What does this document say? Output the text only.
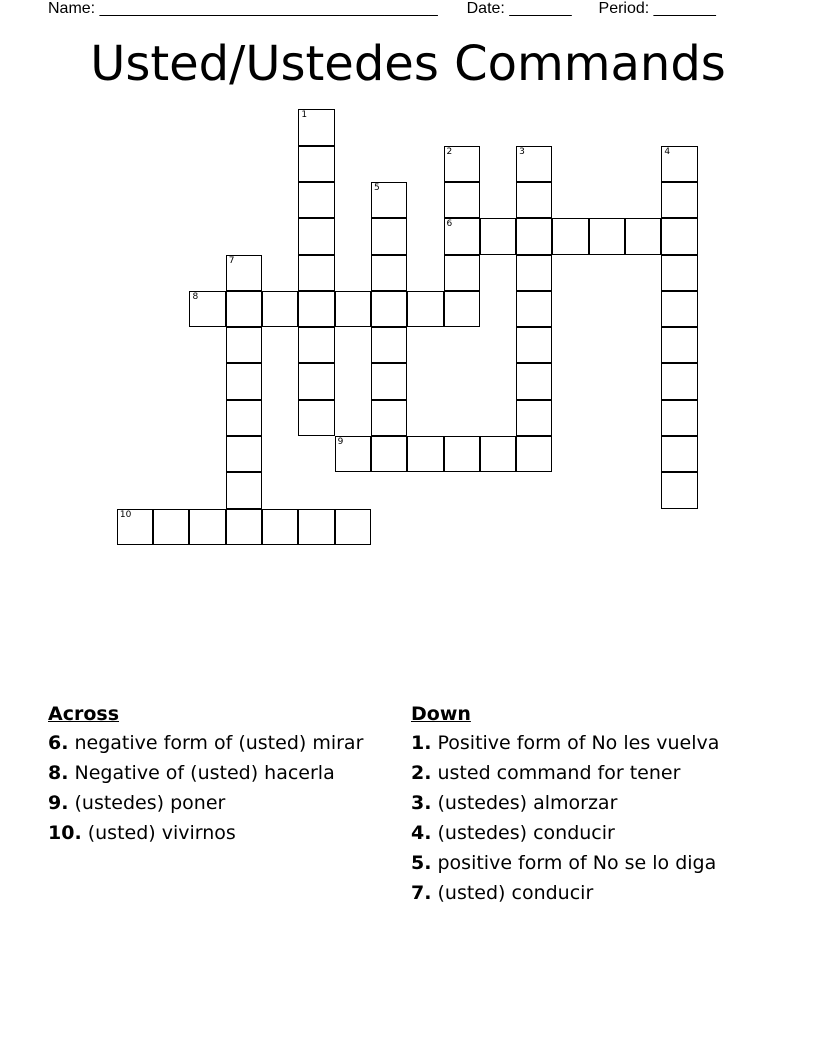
Name: ______________________________________ Date: _______ Period: _______
Usted/Ustedes Commands
1
2
6
3	4
5
7
8
9
10
Across
6. negative form of (usted) mirar
8. Negative of (usted) hacerla
9. (ustedes) poner
10. (usted) vivirnos
Down
1. Positive form of No les vuelva
2. usted command for tener
3. (ustedes) almorzar
4. (ustedes) conducir
5. positive form of No se lo diga
7. (usted) conducir
